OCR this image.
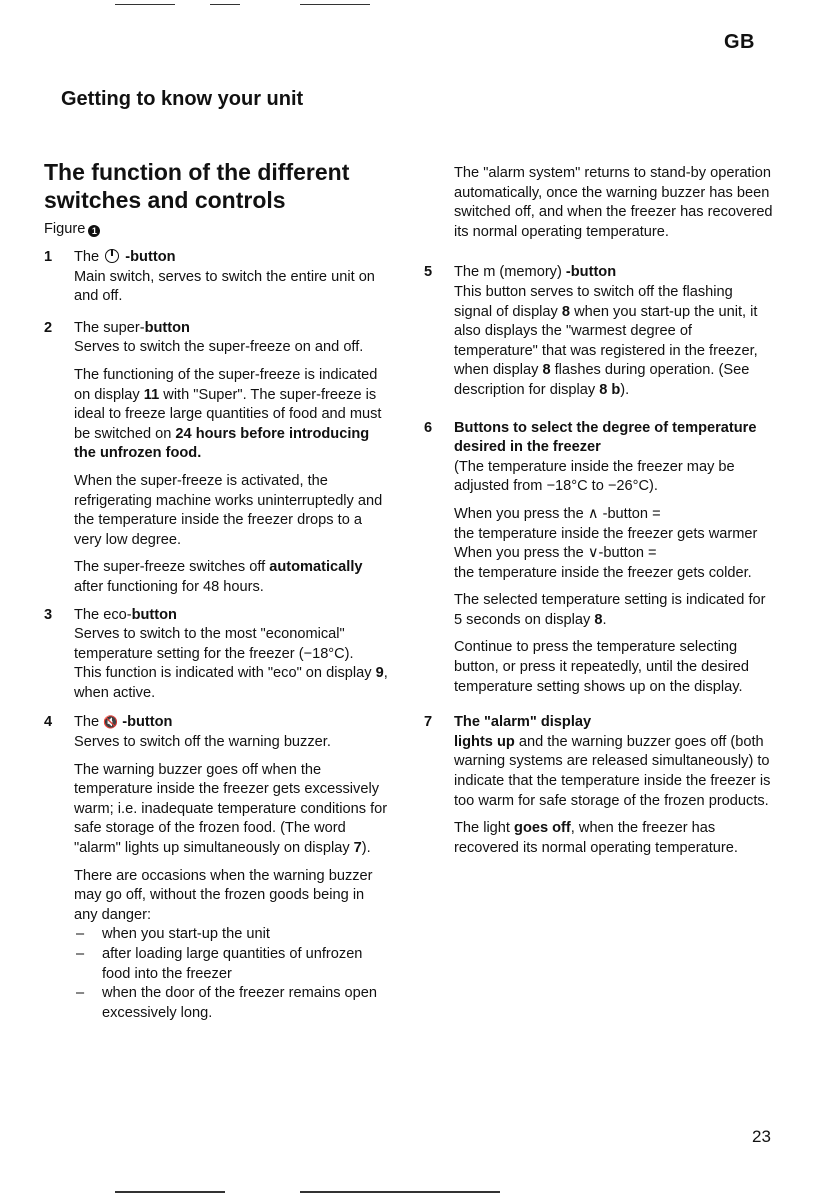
GB
Getting to know your unit
The function of the different switches and controls
Figure 1
1	The -button
Main switch, serves to switch the entire unit on and off.
2	The super-button
Serves to switch the super-freeze on and off.
The functioning of the super-freeze is indicated on display 11 with "Super". The super-freeze is ideal to freeze large quantities of food and must be switched on 24 hours before introducing the unfrozen food.
When the super-freeze is activated, the refrigerating machine works uninterruptedly and the temperature inside the freezer drops to a very low degree.
The super-freeze switches off automatically after functioning for 48 hours.
3	The eco-button
Serves to switch to the most "economical" temperature setting for the freezer (−18°C).
This function is indicated with "eco" on display 9, when active.
4	The 🔇 -button
Serves to switch off the warning buzzer.
The warning buzzer goes off when the temperature inside the freezer gets excessively warm; i.e. inadequate temperature conditions for safe storage of the frozen food. (The word "alarm" lights up simultaneously on display 7).
There are occasions when the warning buzzer may go off, without the frozen goods being in any danger:
– when you start-up the unit
– after loading large quantities of unfrozen food into the freezer
– when the door of the freezer remains open excessively long.
The "alarm system" returns to stand-by operation automatically, once the warning buzzer has been switched off, and when the freezer has recovered its normal operating temperature.
5	The m (memory) -button
This button serves to switch off the flashing signal of display 8 when you start-up the unit, it also displays the "warmest degree of temperature" that was registered in the freezer, when display 8 flashes during operation. (See description for display 8 b).
6	Buttons to select the degree of temperature desired in the freezer
(The temperature inside the freezer may be adjusted from −18°C to −26°C).
When you press the ∧ -button =
the temperature inside the freezer gets warmer
When you press the ∨-button =
the temperature inside the freezer gets colder.
The selected temperature setting is indicated for 5 seconds on display 8.
Continue to press the temperature selecting button, or press it repeatedly, until the desired temperature setting shows up on the display.
7	The "alarm" display
lights up and the warning buzzer goes off (both warning systems are released simultaneously) to indicate that the temperature inside the freezer is too warm for safe storage of the frozen products.
The light goes off, when the freezer has recovered its normal operating temperature.
23
